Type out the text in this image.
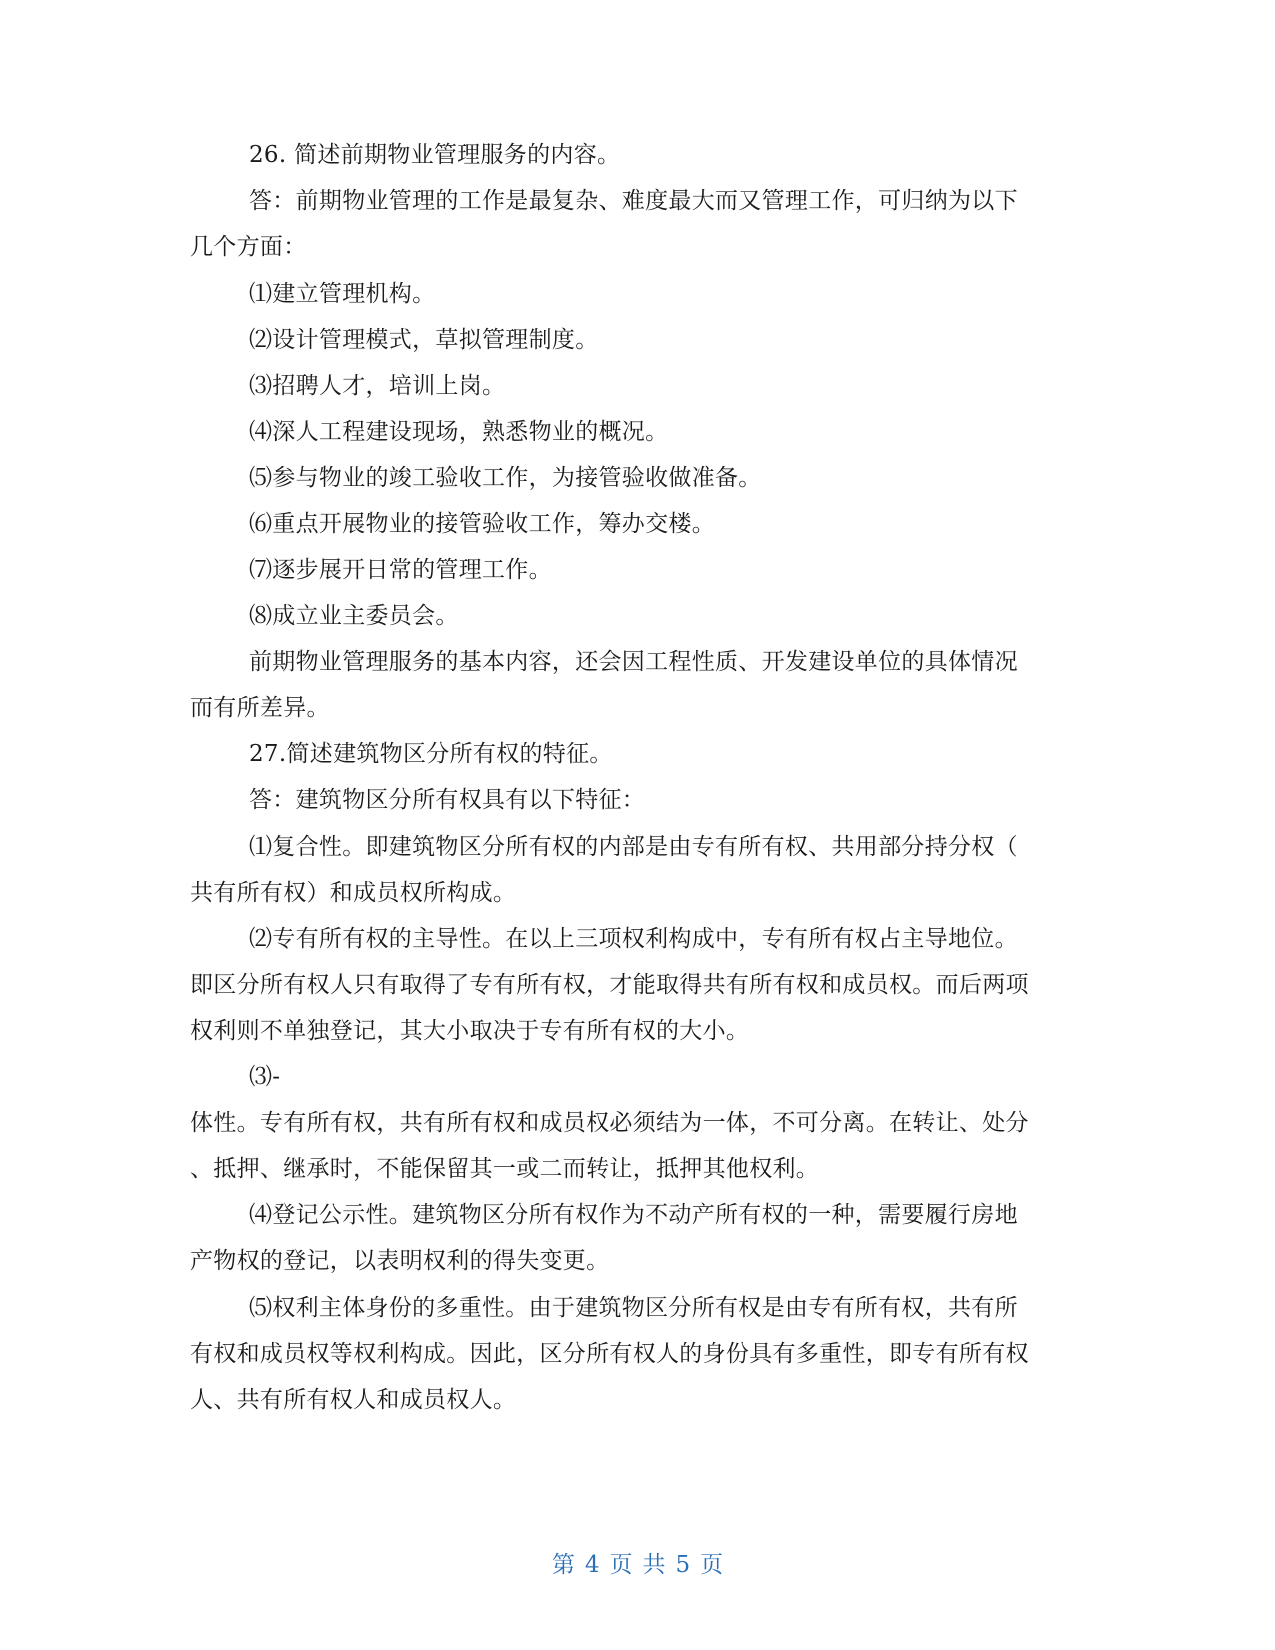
26. 简述前期物业管理服务的内容。
答：前期物业管理的工作是最复杂、难度最大而又管理工作，可归纳为以下
几个方面：
⑴建立管理机构。
⑵设计管理模式，草拟管理制度。
⑶招聘人才，培训上岗。
⑷深人工程建设现场，熟悉物业的概况。
⑸参与物业的竣工验收工作，为接管验收做准备。
⑹重点开展物业的接管验收工作，筹办交楼。
⑺逐步展开日常的管理工作。
⑻成立业主委员会。
前期物业管理服务的基本内容，还会因工程性质、开发建设单位的具体情况
而有所差异。
27.简述建筑物区分所有权的特征。
答：建筑物区分所有权具有以下特征：
⑴复合性。即建筑物区分所有权的内部是由专有所有权、共用部分持分权（
共有所有权）和成员权所构成。
⑵专有所有权的主导性。在以上三项权利构成中，专有所有权占主导地位。
即区分所有权人只有取得了专有所有权，才能取得共有所有权和成员权。而后两项
权利则不单独登记，其大小取决于专有所有权的大小。
⑶-
体性。专有所有权，共有所有权和成员权必须结为一体，不可分离。在转让、处分
、抵押、继承时，不能保留其一或二而转让，抵押其他权利。
⑷登记公示性。建筑物区分所有权作为不动产所有权的一种，需要履行房地
产物权的登记，以表明权利的得失变更。
⑸权利主体身份的多重性。由于建筑物区分所有权是由专有所有权，共有所
有权和成员权等权利构成。因此，区分所有权人的身份具有多重性，即专有所有权
人、共有所有权人和成员权人。
第 4 页 共 5 页
